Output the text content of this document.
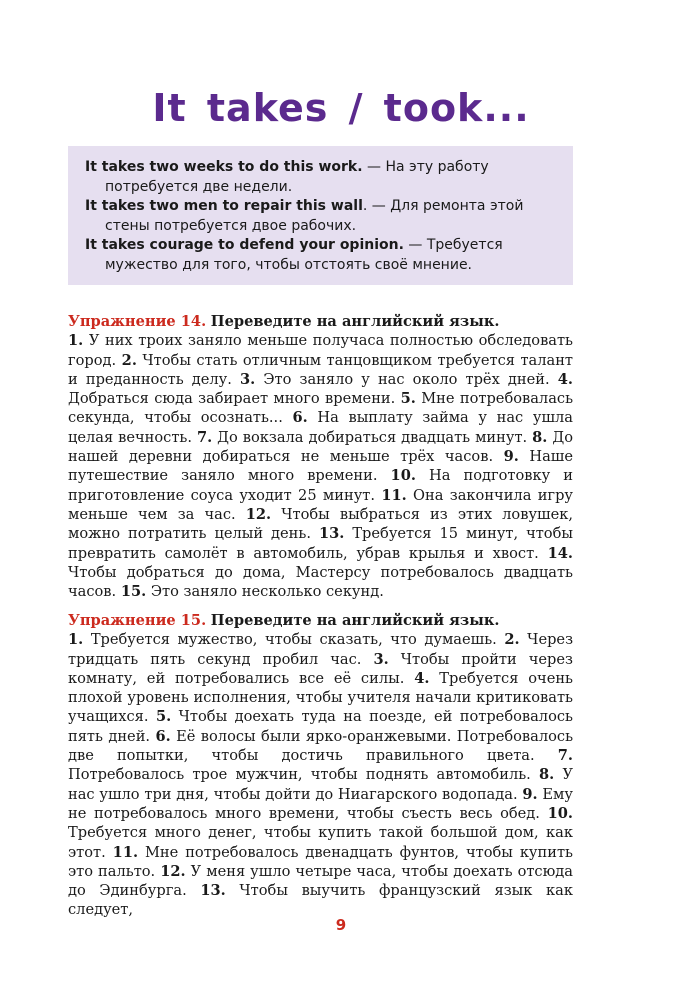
It takes / took...

It takes two weeks to do this work. — На эту работу потребуется две недели.

It takes two men to repair this wall. — Для ремонта этой стены потребуется двое рабочих.

It takes courage to defend your opinion. — Требуется мужество для того, чтобы отстоять своё мнение.

Упражнение 14. Переведите на английский язык.
1. У них троих заняло меньше получаса полностью обследовать город. 2. Чтобы стать отличным танцовщиком требуется талант и преданность делу. 3. Это заняло у нас около трёх дней. 4. Добраться сюда забирает много времени. 5. Мне потребовалась секунда, чтобы осознать... 6. На выплату займа у нас ушла целая вечность. 7. До вокзала добираться двадцать минут. 8. До нашей деревни добираться не меньше трёх часов. 9. Наше путешествие заняло много времени. 10. На подготовку и приготовление соуса уходит 25 минут. 11. Она закончила игру меньше чем за час. 12. Чтобы выбраться из этих ловушек, можно потратить целый день. 13. Требуется 15 минут, чтобы превратить самолёт в автомобиль, убрав крылья и хвост. 14. Чтобы добраться до дома, Мастерсу потребовалось двадцать часов. 15. Это заняло несколько секунд.
Упражнение 15. Переведите на английский язык.
1. Требуется мужество, чтобы сказать, что думаешь. 2. Через тридцать пять секунд пробил час. 3. Чтобы пройти через комнату, ей потребовались все её силы. 4. Требуется очень плохой уровень исполнения, чтобы учителя начали критиковать учащихся. 5. Чтобы доехать туда на поезде, ей потребовалось пять дней. 6. Её волосы были ярко-оранжевыми. Потребовалось две попытки, чтобы достичь правильного цвета. 7. Потребовалось трое мужчин, чтобы поднять автомобиль. 8. У нас ушло три дня, чтобы дойти до Ниагарского водопада. 9. Ему не потребовалось много времени, чтобы съесть весь обед. 10. Требуется много денег, чтобы купить такой большой дом, как этот. 11. Мне потребовалось двенадцать фунтов, чтобы купить это пальто. 12. У меня ушло четыре часа, чтобы доехать отсюда до Эдинбурга. 13. Чтобы выучить французский язык как следует,
9
